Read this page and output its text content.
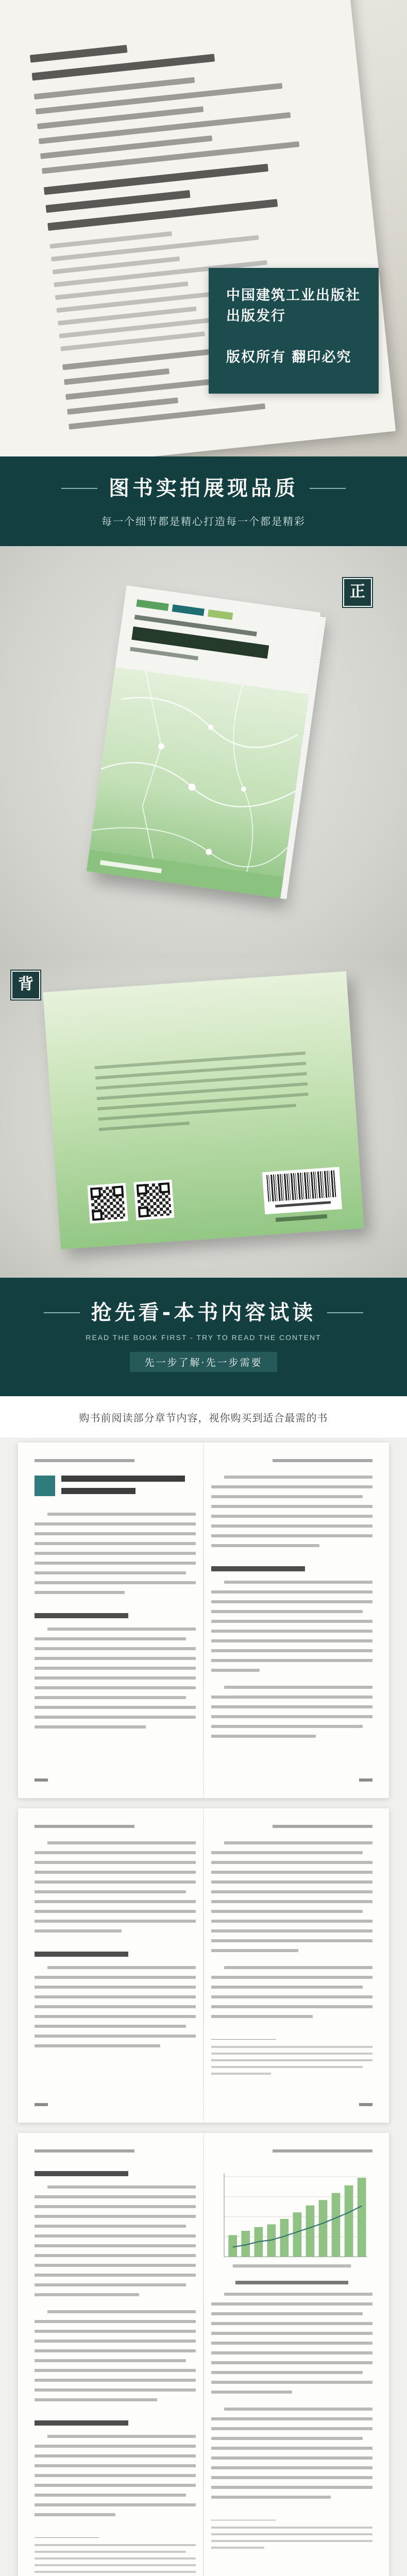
中国建筑工业出版社
出版发行
版权所有 翻印必究
图书实拍展现品质
每一个细节都是精心打造每一个都是精彩
正
背
抢先看-本书内容试读
READ THE BOOK FIRST - TRY TO READ THE CONTENT
先一步了解·先一步需要
购书前阅读部分章节内容，视你购买到适合最需的书
